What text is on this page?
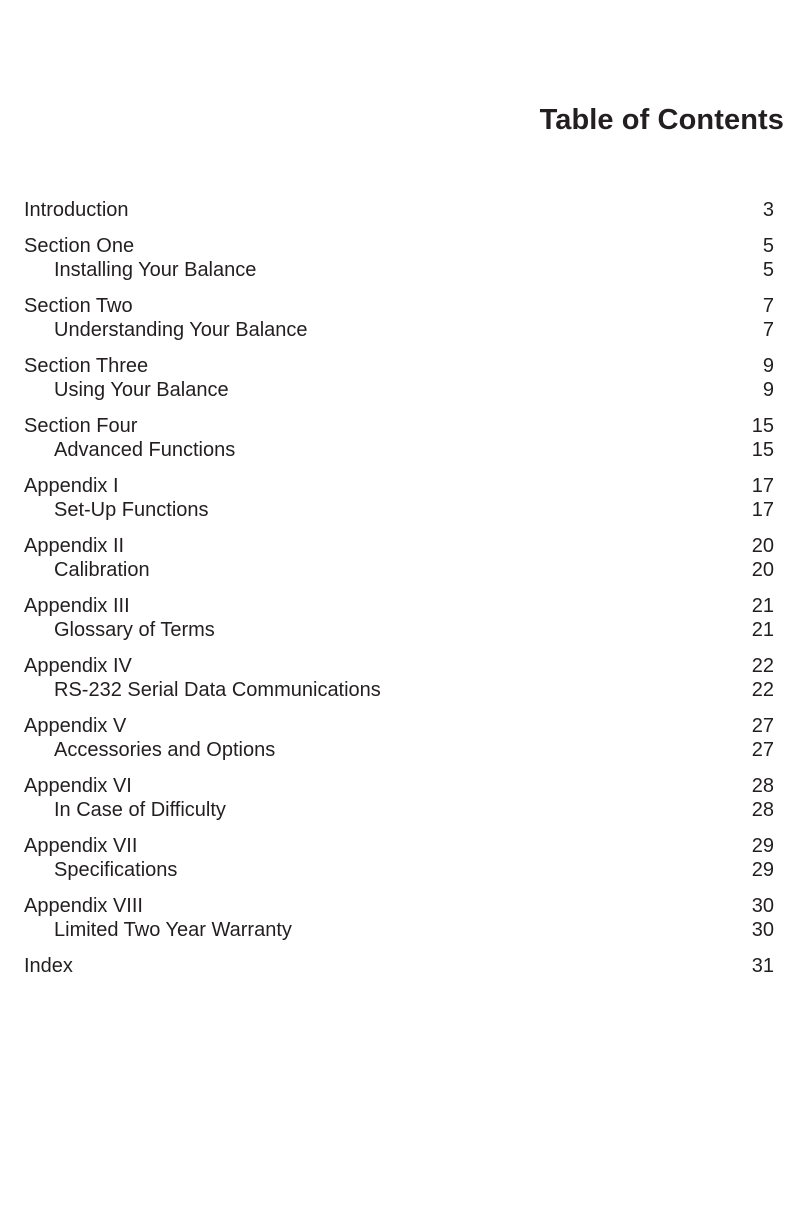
Table of Contents
Introduction	3
Section One	5
Installing Your Balance	5
Section Two	7
Understanding Your Balance	7
Section Three	9
Using Your Balance	9
Section Four	15
Advanced Functions	15
Appendix I	17
Set-Up Functions	17
Appendix II	20
Calibration	20
Appendix III	21
Glossary of Terms	21
Appendix IV	22
RS-232 Serial Data Communications	22
Appendix V	27
Accessories and Options	27
Appendix VI	28
In Case of Difficulty	28
Appendix VII	29
Specifications	29
Appendix VIII	30
Limited Two Year Warranty	30
Index	31
